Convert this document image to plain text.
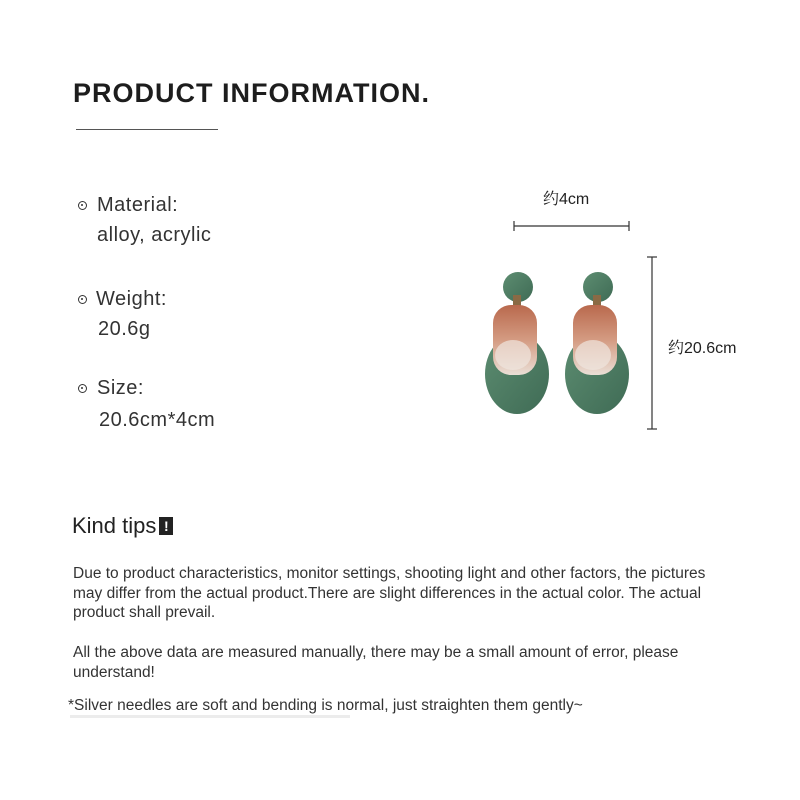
PRODUCT INFORMATION.
Material:
alloy, acrylic
Weight:
20.6g
Size:
20.6cm*4cm
约4cm
约20.6cm
Kind tips !
Due to product characteristics, monitor settings, shooting light and other factors, the pictures may differ from the actual product.There are slight differences in the actual color. The actual product shall prevail.
All the above data are measured manually, there may be a small amount of error, please understand!
*Silver needles are soft and bending is normal, just straighten them gently~
